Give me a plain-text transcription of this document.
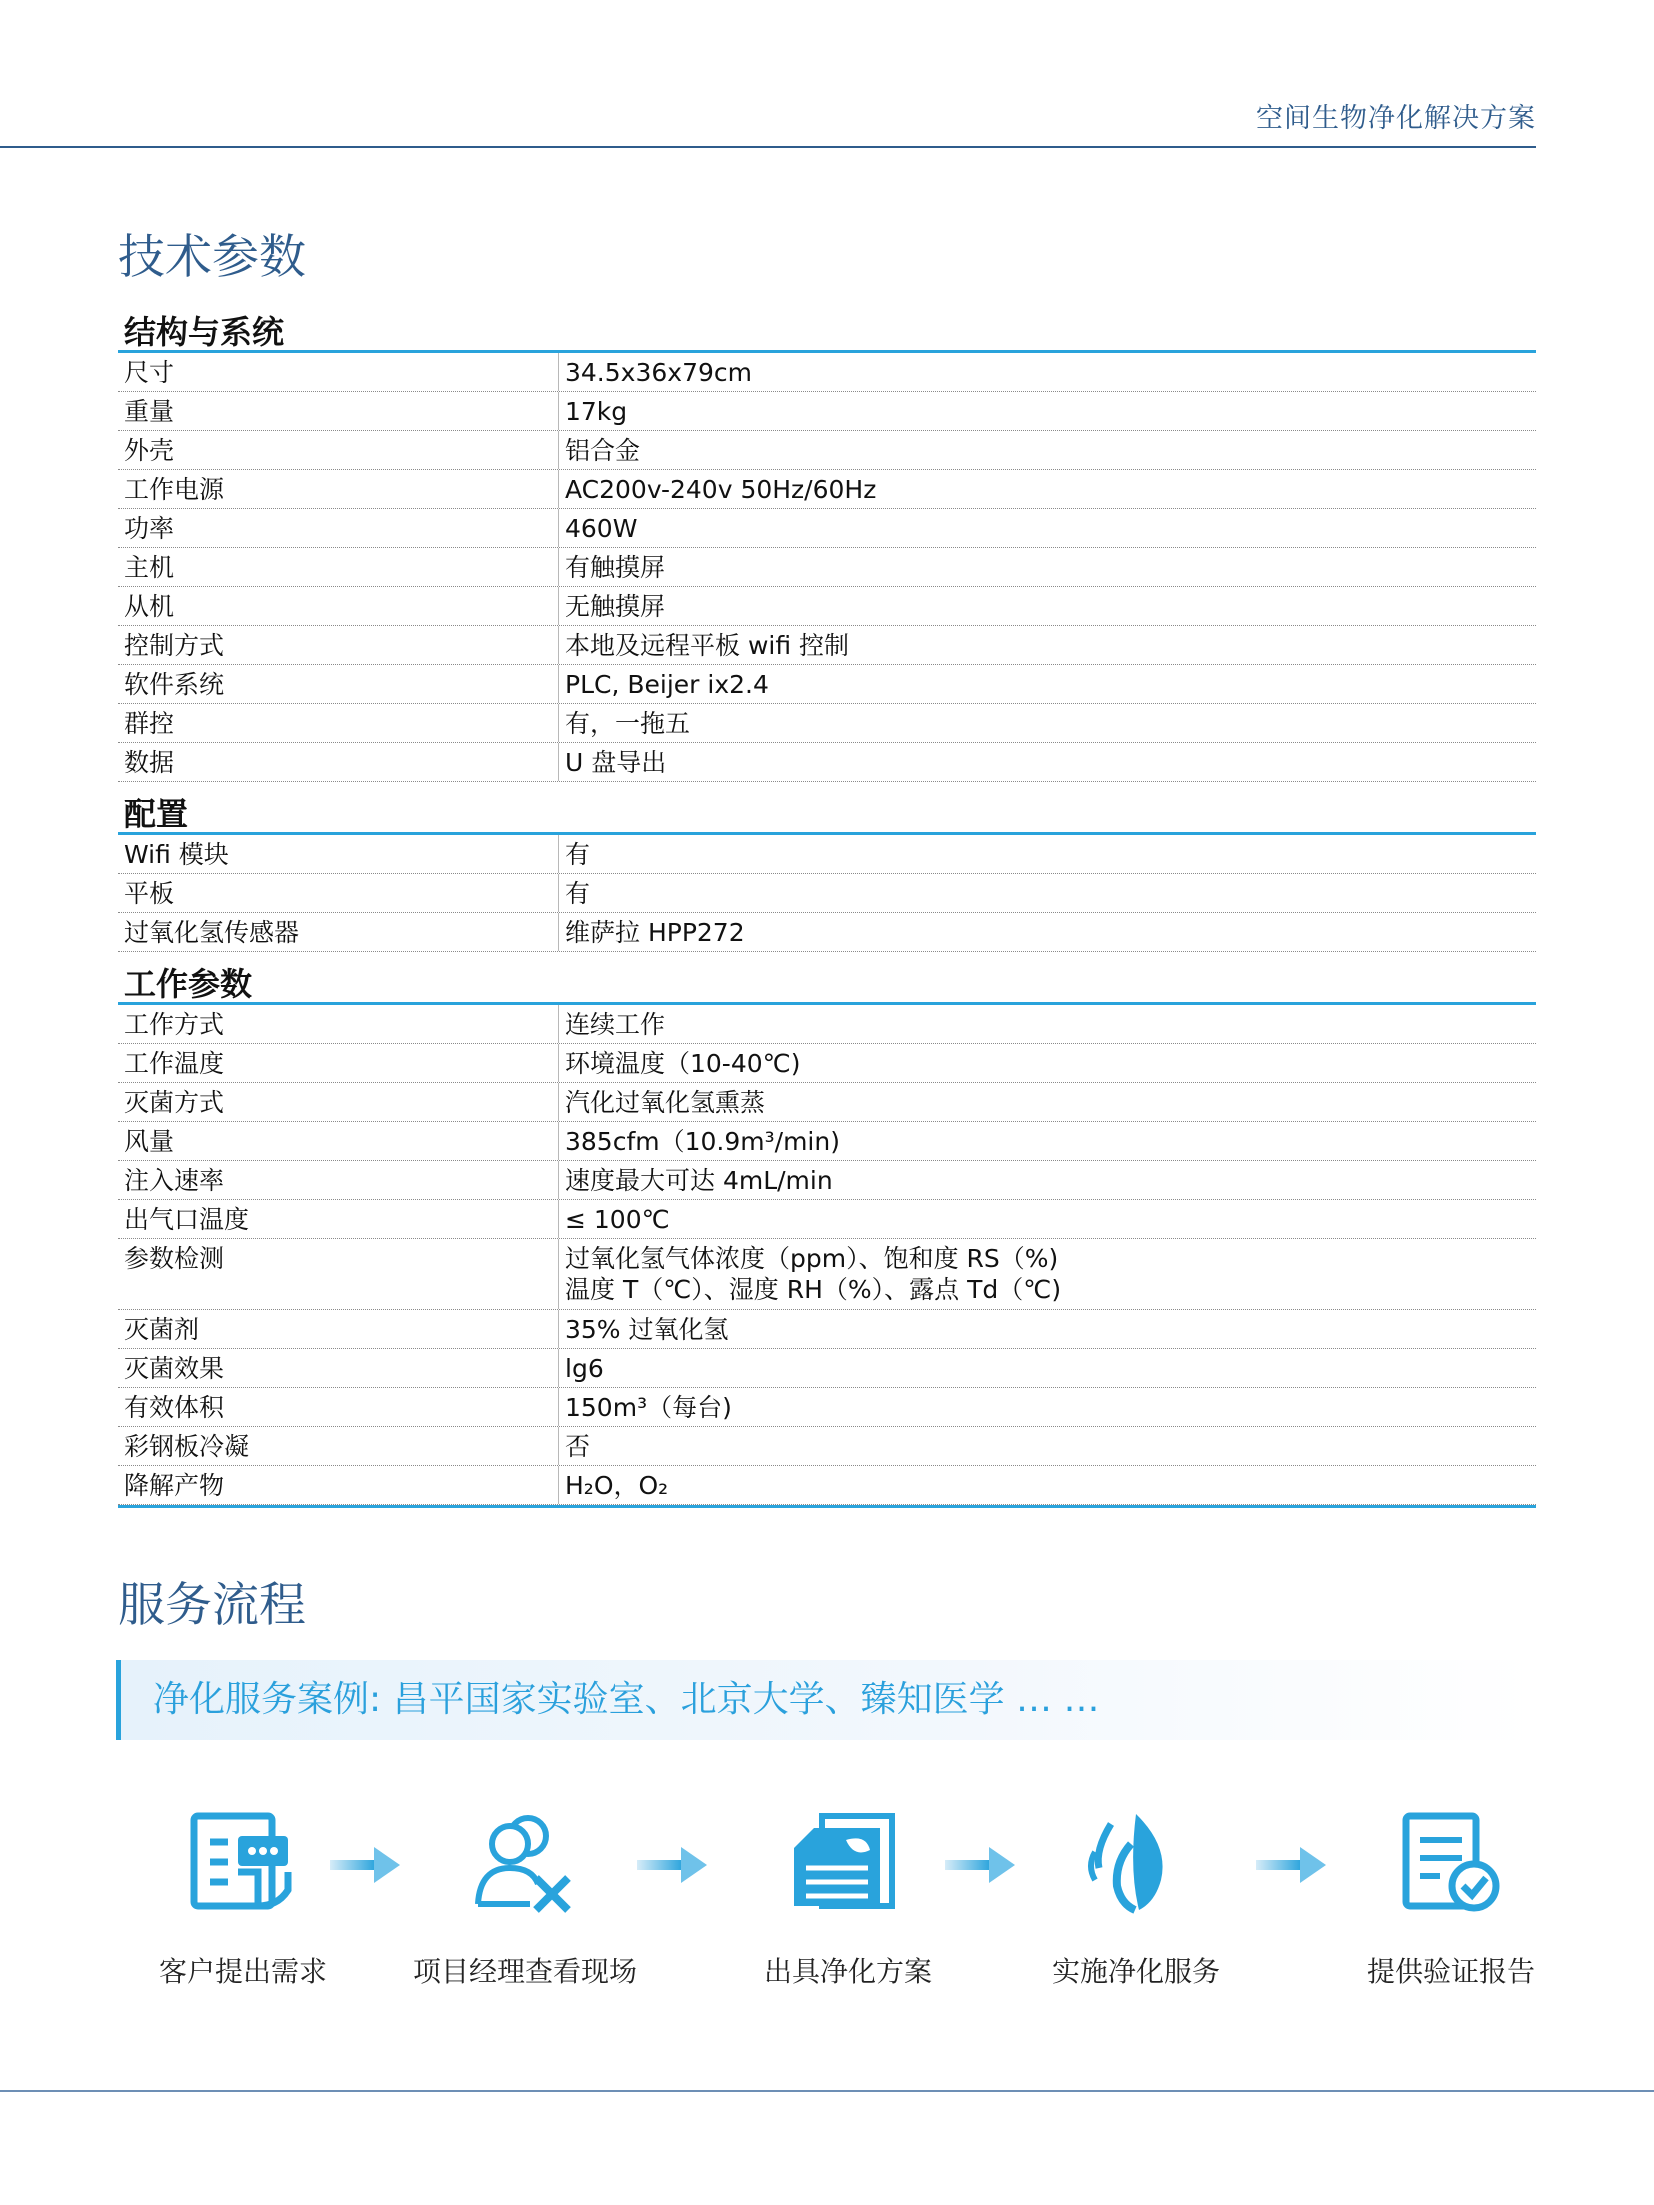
空间生物净化解决方案
技术参数
结构与系统
尺寸	34.5x36x79cm
重量	17kg
外壳	铝合金
工作电源	AC200v-240v 50Hz/60Hz
功率	460W
主机	有触摸屏
从机	无触摸屏
控制方式	本地及远程平板 wifi 控制
软件系统	PLC, Beijer ix2.4
群控	有，一拖五
数据	U 盘导出
配置
Wifi 模块	有
平板	有
过氧化氢传感器	维萨拉 HPP272
工作参数
工作方式	连续工作
工作温度	环境温度（10-40℃)
灭菌方式	汽化过氧化氢熏蒸
风量	385cfm（10.9m³/min)
注入速率	速度最大可达 4mL/min
出气口温度	≤ 100℃
参数检测	过氧化氢气体浓度（ppm）、饱和度 RS（%)
温度 T（℃）、湿度 RH（%）、露点 Td（℃)
灭菌剂	35% 过氧化氢
灭菌效果	lg6
有效体积	150m³（每台)
彩钢板冷凝	否
降解产物	H₂O，O₂
服务流程
净化服务案例: 昌平国家实验室、北京大学、臻知医学 … …
客户提出需求	项目经理查看现场	出具净化方案	实施净化服务	提供验证报告
